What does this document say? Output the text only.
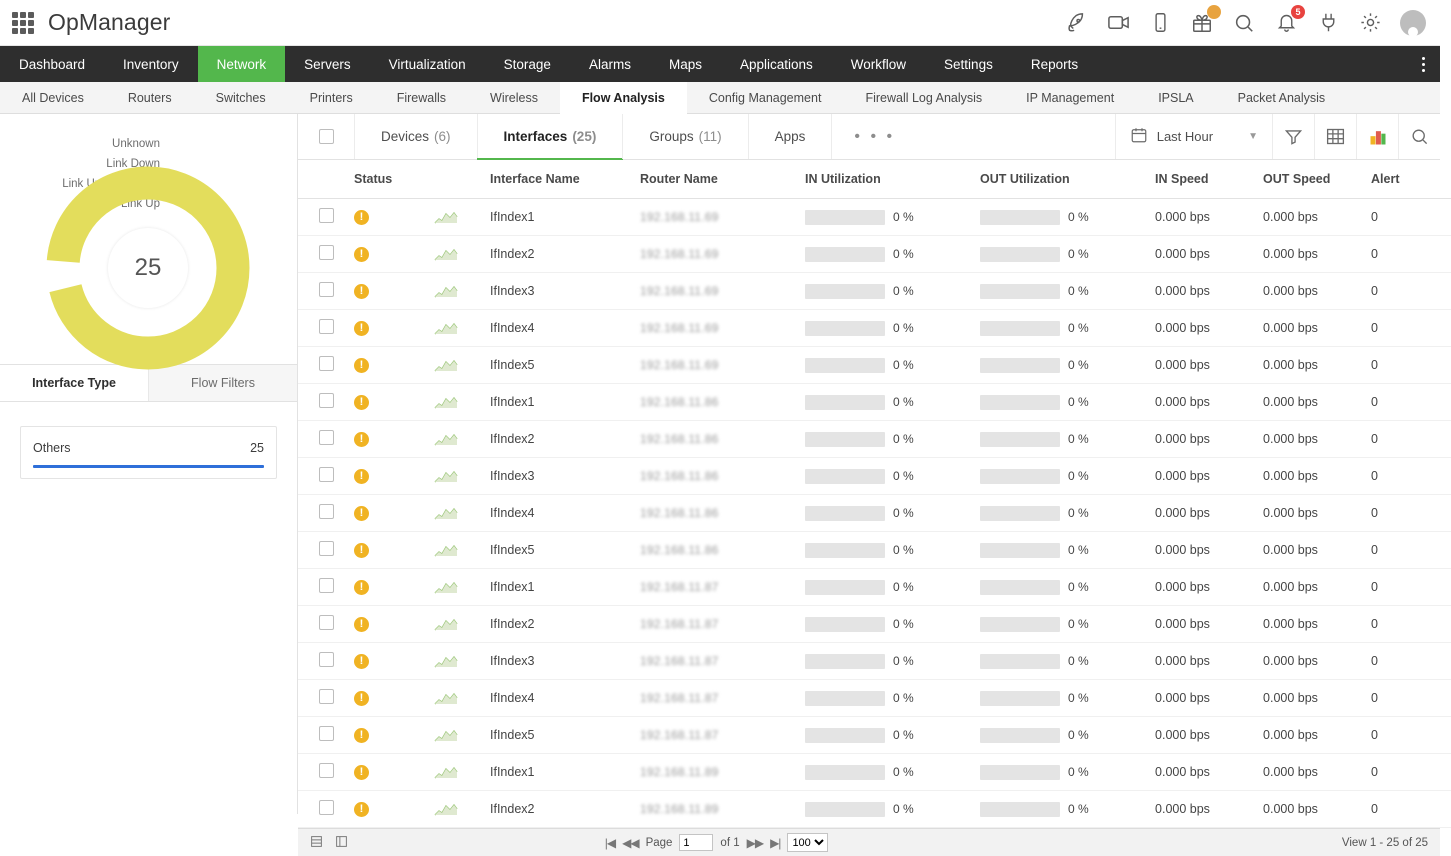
OpManager	5
Dashboard	Inventory	Network	Servers	Virtualization	Storage	Alarms	Maps	Applications	Workflow	Settings	Reports
All Devices	Routers	Switches	Printers	Firewalls	Wireless	Flow Analysis	Config Management	Firewall Log Analysis	IP Management	IPSLA	Packet Analysis
Unknown
Link Down
Link Up & NoFlows
Link Up
25
Interface Type	Flow Filters
Others	25
Devices (6)	Interfaces (25)	Groups (11)	Apps	• • •	Last Hour	▼
	Status		Interface Name	Router Name	IN Utilization	OUT Utilization	IN Speed	OUT Speed	Alert
	!		IfIndex1	192.168.11.69	0 %	0 %	0.000 bps	0.000 bps	0
	!		IfIndex2	192.168.11.69	0 %	0 %	0.000 bps	0.000 bps	0
	!		IfIndex3	192.168.11.69	0 %	0 %	0.000 bps	0.000 bps	0
	!		IfIndex4	192.168.11.69	0 %	0 %	0.000 bps	0.000 bps	0
	!		IfIndex5	192.168.11.69	0 %	0 %	0.000 bps	0.000 bps	0
	!		IfIndex1	192.168.11.86	0 %	0 %	0.000 bps	0.000 bps	0
	!		IfIndex2	192.168.11.86	0 %	0 %	0.000 bps	0.000 bps	0
	!		IfIndex3	192.168.11.86	0 %	0 %	0.000 bps	0.000 bps	0
	!		IfIndex4	192.168.11.86	0 %	0 %	0.000 bps	0.000 bps	0
	!		IfIndex5	192.168.11.86	0 %	0 %	0.000 bps	0.000 bps	0
	!		IfIndex1	192.168.11.87	0 %	0 %	0.000 bps	0.000 bps	0
	!		IfIndex2	192.168.11.87	0 %	0 %	0.000 bps	0.000 bps	0
	!		IfIndex3	192.168.11.87	0 %	0 %	0.000 bps	0.000 bps	0
	!		IfIndex4	192.168.11.87	0 %	0 %	0.000 bps	0.000 bps	0
	!		IfIndex5	192.168.11.87	0 %	0 %	0.000 bps	0.000 bps	0
	!		IfIndex1	192.168.11.89	0 %	0 %	0.000 bps	0.000 bps	0
	!		IfIndex2	192.168.11.89	0 %	0 %	0.000 bps	0.000 bps	0
|◀ ◀◀ Page
1	of 1 ▶▶ ▶|
100	View 1 - 25 of 25
